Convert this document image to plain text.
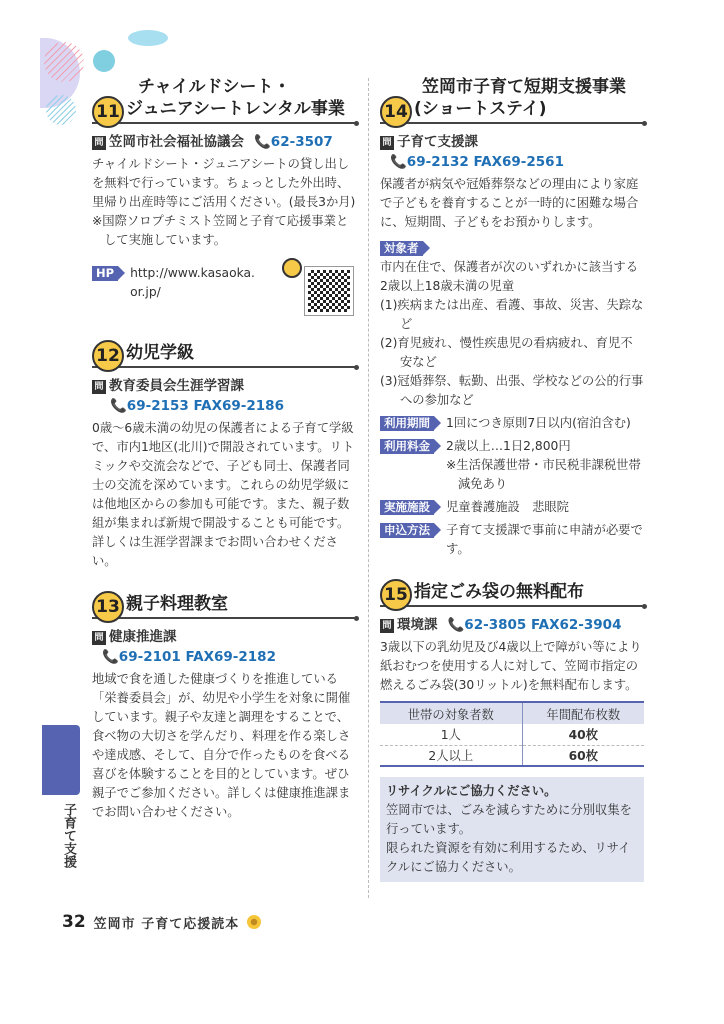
11
チャイルドシート・
ジュニアシートレンタル事業
問 笠岡市社会福祉協議会 📞62-3507
チャイルドシート・ジュニアシートの貸し出しを無料で行っています。ちょっとした外出時、里帰り出産時等にご活用ください。(最長3か月)
※国際ソロプチミスト笠岡と子育て応援事業として実施しています。
HP	http://www.kasaoka.or.jp/
12 幼児学級
問 教育委員会生涯学習課
📞69-2153 FAX69-2186
0歳～6歳未満の幼児の保護者による子育て学級で、市内1地区(北川)で開設されています。リトミックや交流会などで、子ども同士、保護者同士の交流を深めています。これらの幼児学級には他地区からの参加も可能です。また、親子数組が集まれば新規で開設することも可能です。詳しくは生涯学習課までお問い合わせください。
13 親子料理教室
問 健康推進課📞69-2101 FAX69-2182
地域で食を通した健康づくりを推進している「栄養委員会」が、幼児や小学生を対象に開催しています。親子や友達と調理をすることで、食べ物の大切さを学んだり、料理を作る楽しさや達成感、そして、自分で作ったものを食べる喜びを体験することを目的としています。ぜひ親子でご参加ください。詳しくは健康推進課までお問い合わせください。
14
笠岡市子育て短期支援事業
(ショートステイ)
問 子育て支援課📞69-2132 FAX69-2561
保護者が病気や冠婚葬祭などの理由により家庭で子どもを養育することが一時的に困難な場合に、短期間、子どもをお預かりします。
対象者
市内在住で、保護者が次のいずれかに該当する2歳以上18歳未満の児童
(1)疾病または出産、看護、事故、災害、失踪など
(2)育児疲れ、慢性疾患児の看病疲れ、育児不安など
(3)冠婚葬祭、転勤、出張、学校などの公的行事への参加など
利用期間	1回につき原則7日以内(宿泊含む)
利用料金	2歳以上…1日2,800円
※生活保護世帯・市民税非課税世帯減免あり
実施施設	児童養護施設　悲眼院
申込方法	子育て支援課で事前に申請が必要です。
15 指定ごみ袋の無料配布
問 環境課 📞62-3805 FAX62-3904
3歳以下の乳幼児及び4歳以上で障がい等により紙おむつを使用する人に対して、笠岡市指定の燃えるごみ袋(30リットル)を無料配布します。
世帯の対象者数	年間配布枚数
1人	40枚
2人以上	60枚
リサイクルにご協力ください。
笠岡市では、ごみを減らすために分別収集を行っています。
限られた資源を有効に利用するため、リサイクルにご協力ください。
子育て支援
32 笠岡市 子育て応援読本
